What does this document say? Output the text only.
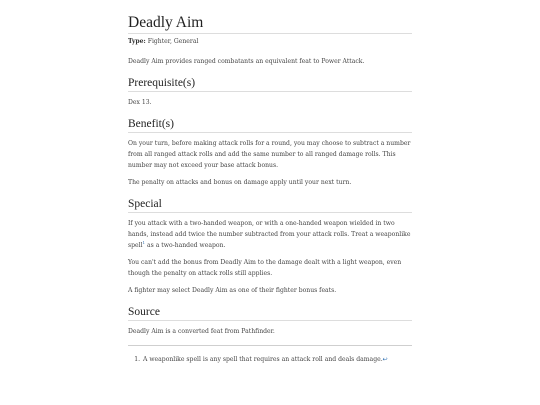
Deadly Aim

Type: Fighter, General

Deadly Aim provides ranged combatants an equivalent feat to Power Attack.

Prerequisite(s)

Dex 13.

Benefit(s)

On your turn, before making attack rolls for a round, you may choose to subtract a number from all ranged attack rolls and add the same number to all ranged damage rolls. This number may not exceed your base attack bonus.

The penalty on attacks and bonus on damage apply until your next turn.

Special

If you attack with a two-handed weapon, or with a one-handed weapon wielded in two hands, instead add twice the number subtracted from your attack rolls. Treat a weaponlike spell$^1$ as a two-handed weapon.

You can't add the bonus from Deadly Aim to the damage dealt with a light weapon, even though the penalty on attack rolls still applies.

A fighter may select Deadly Aim as one of their fighter bonus feats.

Source

Deadly Aim is a converted feat from Pathfinder.

1. A weaponlike spell is any spell that requires an attack roll and deals damage.↩
